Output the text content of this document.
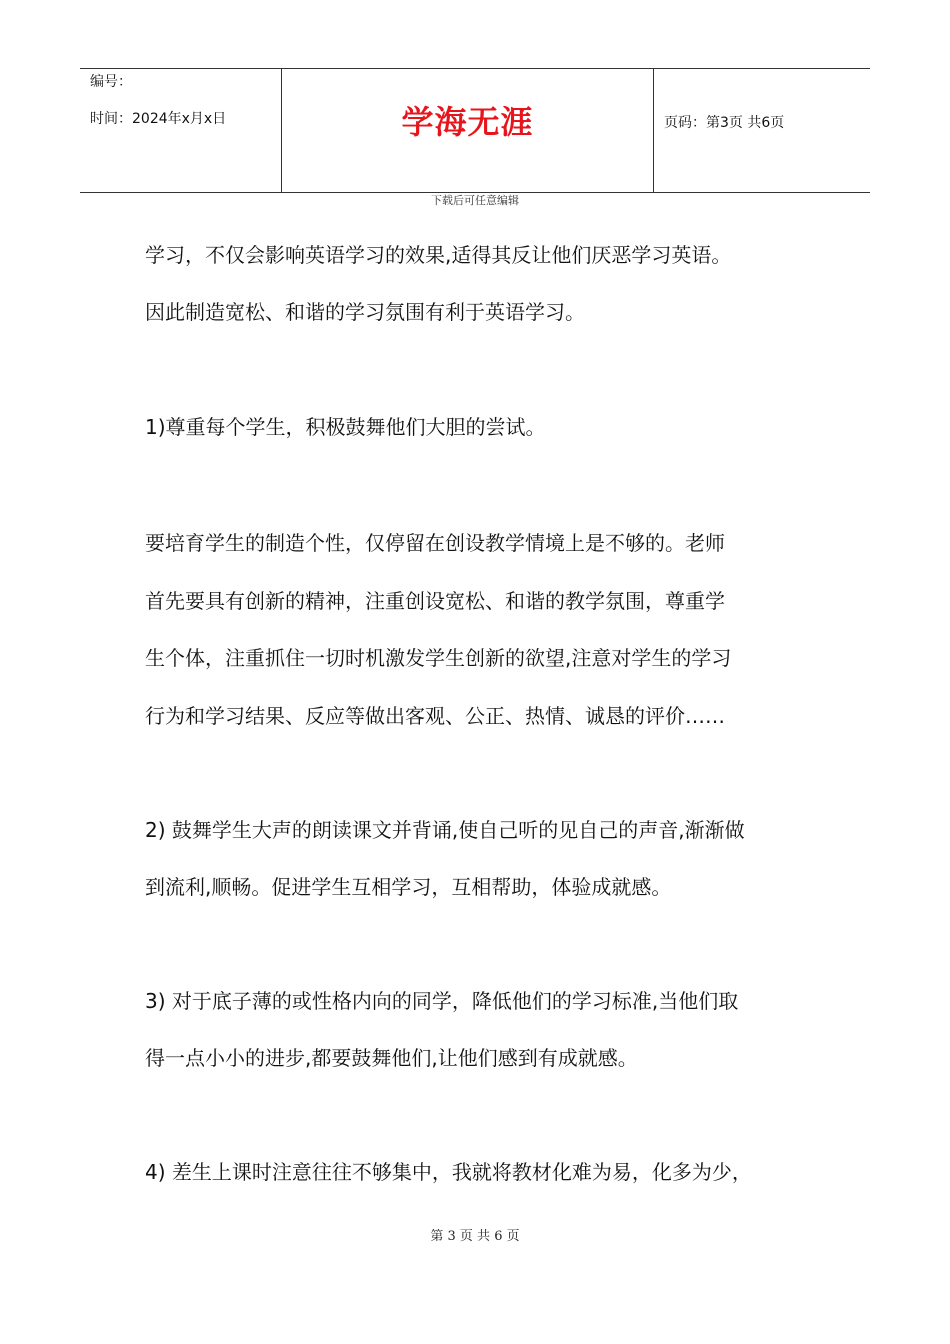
编号：
时间：2024年x月x日	学海无涯	页码：第3页 共6页
下载后可任意编辑
学习，不仅会影响英语学习的效果,适得其反让他们厌恶学习英语。
因此制造宽松、和谐的学习氛围有利于英语学习。
1)尊重每个学生，积极鼓舞他们大胆的尝试。
要培育学生的制造个性，仅停留在创设教学情境上是不够的。老师
首先要具有创新的精神，注重创设宽松、和谐的教学氛围，尊重学
生个体，注重抓住一切时机激发学生创新的欲望,注意对学生的学习
行为和学习结果、反应等做出客观、公正、热情、诚恳的评价……
2) 鼓舞学生大声的朗读课文并背诵,使自己听的见自己的声音,渐渐做
到流利,顺畅。促进学生互相学习，互相帮助，体验成就感。
3) 对于底子薄的或性格内向的同学，降低他们的学习标准,当他们取
得一点小小的进步,都要鼓舞他们,让他们感到有成就感。
4) 差生上课时注意往往不够集中，我就将教材化难为易，化多为少，
第 3 页 共 6 页
